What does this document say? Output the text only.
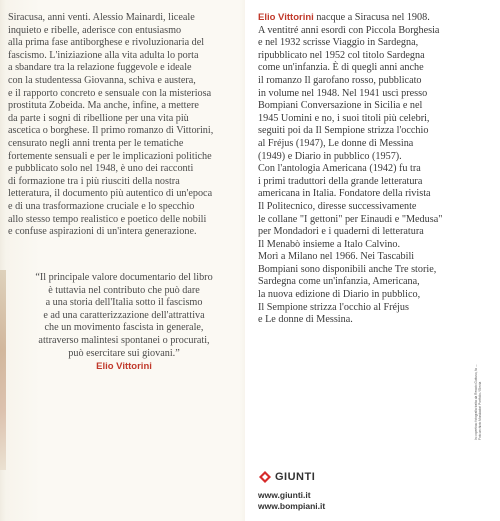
Siracusa, anni venti. Alessio Mainardi, liceale

inquieto e ribelle, aderisce con entusiasmo

alla prima fase antiborghese e rivoluzionaria del

fascismo. L'iniziazione alla vita adulta lo porta

a sbandare tra la relazione fuggevole e ideale

con la studentessa Giovanna, schiva e austera,

e il rapporto concreto e sensuale con la misteriosa

prostituta Zobeida. Ma anche, infine, a mettere

da parte i sogni di ribellione per una vita più

ascetica o borghese. Il primo romanzo di Vittorini,

censurato negli anni trenta per le tematiche

fortemente sensuali e per le implicazioni politiche

e pubblicato solo nel 1948, è uno dei racconti

di formazione tra i più riusciti della nostra

letteratura, il documento più autentico di un'epoca

e di una trasformazione cruciale e lo specchio

allo stesso tempo realistico e poetico delle nobili

e confuse aspirazioni di un'intera generazione.

“Il principale valore documentario del libro
è tuttavia nel contributo che può dare
a una storia dell'Italia sotto il fascismo
e ad una caratterizzazione dell'attrattiva
che un movimento fascista in generale,
attraverso malintesi spontanei o procurati,
può esercitare sui giovani.”
Elio Vittorini

Elio Vittorini nacque a Siracusa nel 1908.

A ventitré anni esordì con Piccola Borghesia

e nel 1932 scrisse Viaggio in Sardegna,

ripubblicato nel 1952 col titolo Sardegna

come un'infanzia. È di quegli anni anche

il romanzo Il garofano rosso, pubblicato

in volume nel 1948. Nel 1941 uscì presso

Bompiani Conversazione in Sicilia e nel

1945 Uomini e no, i suoi titoli più celebri,

seguiti poi da Il Sempione strizza l'occhio

al Fréjus (1947), Le donne di Messina

(1949) e Diario in pubblico (1957).

Con l'antologia Americana (1942) fu tra

i primi traduttori della grande letteratura

americana in Italia. Fondatore della rivista

Il Politecnico, diresse successivamente

le collane "I gettoni" per Einaudi e "Medusa"

per Mondadori e i quaderni di letteratura

Il Menabò insieme a Italo Calvino.

Morì a Milano nel 1966. Nei Tascabili

Bompiani sono disponibili anche Tre storie,

Sardegna come un'infanzia, Americana,

la nuova edizione di Diario in pubblico,

Il Sempione strizza l'occhio al Fréjus

e Le donne di Messina.

GIUNTI
www.giunti.it
www.bompiani.it
In copertina: fotografia tratta da Renato Guttuso, fa ... Foto archivio Mondadori Portfolio / Electa
